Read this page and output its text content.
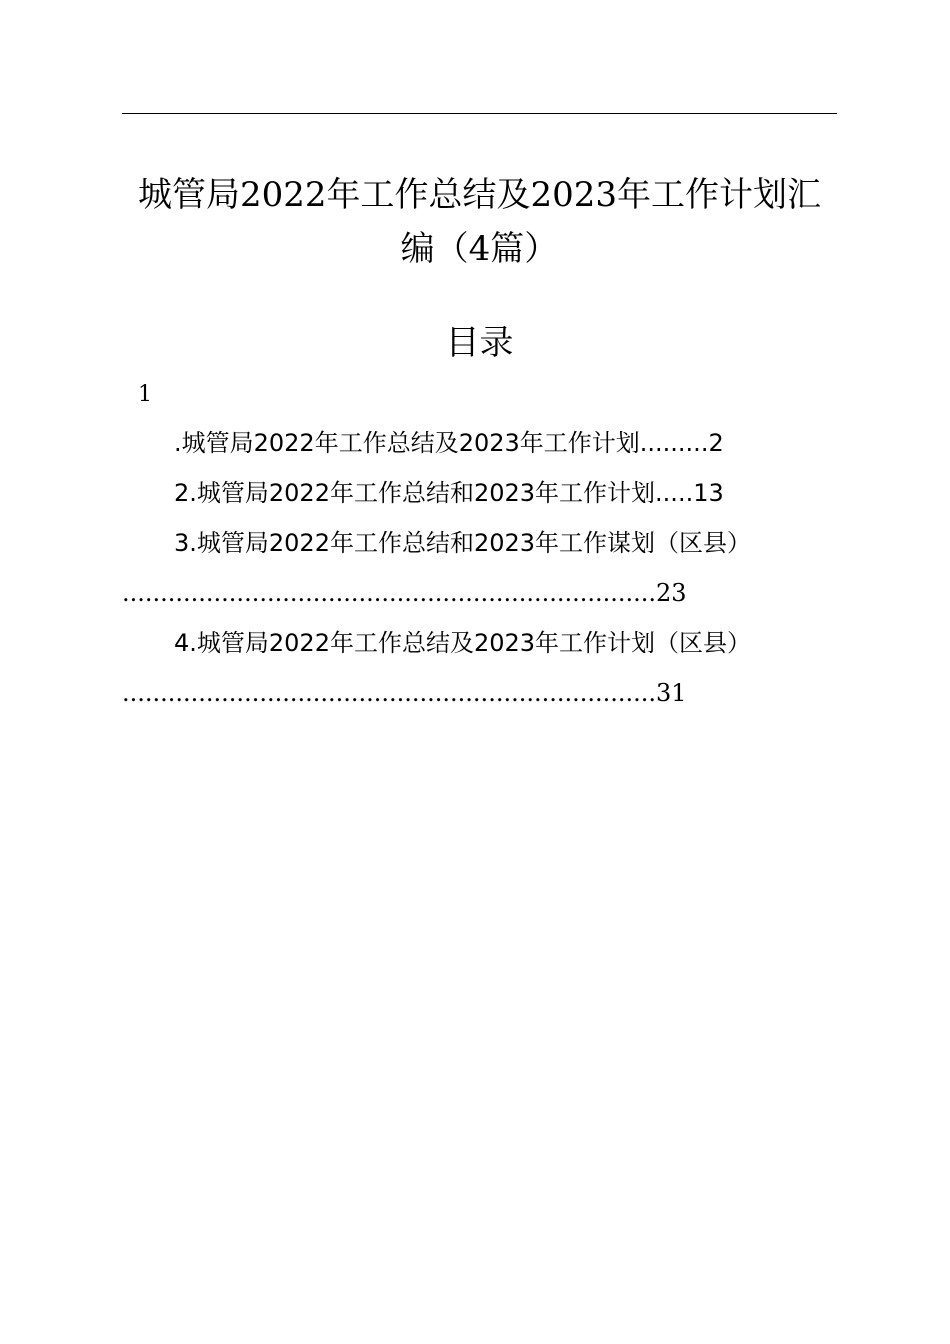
城管局2022年工作总结及2023年工作计划汇
编（4篇）
目录
1
.城管局2022年工作总结及2023年工作计划.........2
2.城管局2022年工作总结和2023年工作计划.....13
3.城管局2022年工作总结和2023年工作谋划（区县）
......................................................................23
4.城管局2022年工作总结及2023年工作计划（区县）
......................................................................31
